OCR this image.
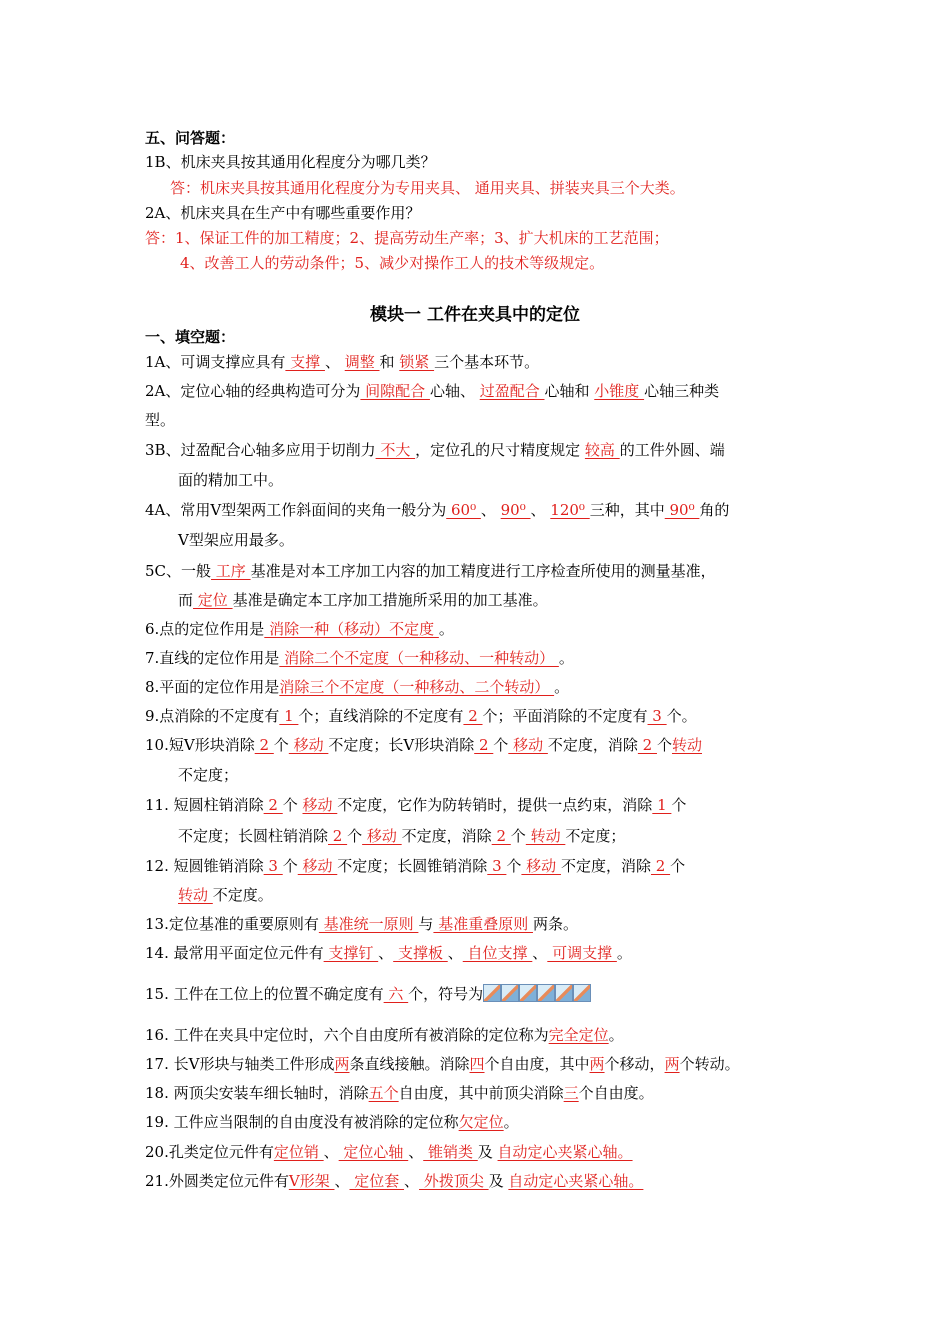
五、问答题：
1B、机床夹具按其通用化程度分为哪几类？
答：机床夹具按其通用化程度分为专用夹具、 通用夹具、拼装夹具三个大类。
2A、机床夹具在生产中有哪些重要作用？
答：1、保证工件的加工精度；2、提高劳动生产率；3、扩大机床的工艺范围；
4、改善工人的劳动条件；5、减少对操作工人的技术等级规定。
模块一 工件在夹具中的定位
一、填空题：
1A、可调支撑应具有 支撑 、 调整 和 锁紧 三个基本环节。
2A、定位心轴的经典构造可分为 间隙配合 心轴、 过盈配合 心轴和 小锥度 心轴三种类
型。
3B、过盈配合心轴多应用于切削力 不大 ，定位孔的尺寸精度规定 较高 的工件外圆、端
面的精加工中。
4A、常用V型架两工作斜面间的夹角一般分为 60⁰ 、 90⁰ 、 120⁰ 三种，其中 90⁰ 角的
V型架应用最多。
5C、一般 工序 基准是对本工序加工内容的加工精度进行工序检查所使用的测量基准，
而 定位 基准是确定本工序加工措施所采用的加工基准。
6.点的定位作用是 消除一种（移动）不定度 。
7.直线的定位作用是 消除二个不定度（一种移动、一种转动） 。
8.平面的定位作用是消除三个不定度（一种移动、二个转动） 。
9.点消除的不定度有 1 个；直线消除的不定度有 2 个；平面消除的不定度有 3 个。
10.短V形块消除 2 个 移动 不定度；长V形块消除 2 个 移动 不定度，消除 2 个转动
不定度；
11. 短圆柱销消除 2 个 移动 不定度，它作为防转销时，提供一点约束，消除 1 个
不定度；长圆柱销消除 2 个 移动 不定度，消除 2 个 转动 不定度；
12. 短圆锥销消除 3 个 移动 不定度；长圆锥销消除 3 个 移动 不定度，消除 2 个
转动 不定度。
13.定位基准的重要原则有 基准统一原则 与 基准重叠原则 两条。
14. 最常用平面定位元件有 支撑钉 、 支撑板 、 自位支撑 、 可调支撑 。
15. 工件在工位上的位置不确定度有 六 个，符号为
16. 工件在夹具中定位时，六个自由度所有被消除的定位称为完全定位。
17. 长V形块与轴类工件形成两条直线接触。消除四个自由度，其中两个移动，两个转动。
18. 两顶尖安装车细长轴时，消除五个自由度，其中前顶尖消除三个自由度。
19. 工件应当限制的自由度没有被消除的定位称欠定位。
20.孔类定位元件有定位销 、 定位心轴 、 锥销类 及 自动定心夹紧心轴。
21.外圆类定位元件有V形架 、 定位套 、 外拨顶尖 及 自动定心夹紧心轴。
